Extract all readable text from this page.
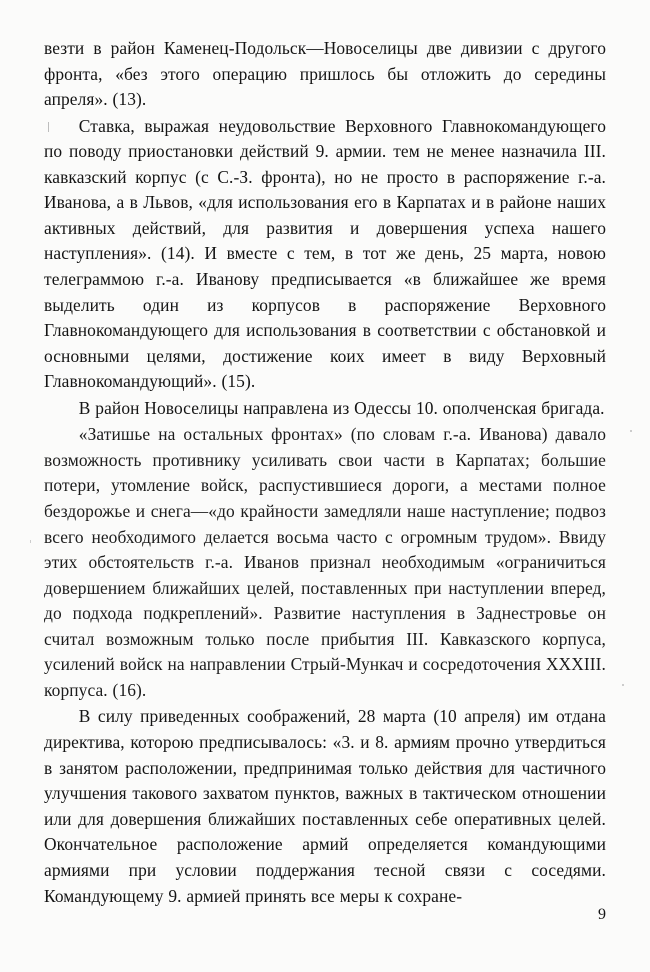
везти в район Каменец-Подольск—Новоселицы две дивизии с другого фронта, «без этого операцию пришлось бы отложить до середины апреля». (13).

Ставка, выражая неудовольствие Верховного Главнокомандующего по поводу приостановки действий 9. армии. тем не менее назначила III. кавказский корпус (с С.-З. фронта), но не просто в распоряжение г.-а. Иванова, а в Львов, «для использования его в Карпатах и в районе наших активных действий, для развития и довершения успеха нашего наступления». (14). И вместе с тем, в тот же день, 25 марта, новою телеграммою г.-а. Иванову предписывается «в ближайшее же время выделить один из корпусов в распоряжение Верховного Главнокомандующего для использования в соответствии с обстановкой и основными целями, достижение коих имеет в виду Верховный Главнокомандующий». (15).

В район Новоселицы направлена из Одессы 10. ополченская бригада.

«Затишье на остальных фронтах» (по словам г.-а. Иванова) давало возможность противнику усиливать свои части в Карпатах; большие потери, утомление войск, распустившиеся дороги, а местами полное бездорожье и снега—«до крайности замедляли наше наступление; подвоз всего необходимого делается восьма часто с огромным трудом». Ввиду этих обстоятельств г.-а. Иванов признал необходимым «ограничиться довершением ближайших целей, поставленных при наступлении вперед, до подхода подкреплений». Развитие наступления в Заднестровье он считал возможным только после прибытия III. Кавказского корпуса, усилений войск на направлении Стрый-Мункач и сосредоточения XXXIII. корпуса. (16).

В силу приведенных соображений, 28 марта (10 апреля) им отдана директива, которою предписывалось: «3. и 8. армиям прочно утвердиться в занятом расположении, предпринимая только действия для частичного улучшения такового захватом пунктов, важных в тактическом отношении или для довершения ближайших поставленных себе оперативных целей. Окончательное расположение армий определяется командующими армиями при условии поддержания тесной связи с соседями. Командующему 9. армией принять все меры к сохране-

9
